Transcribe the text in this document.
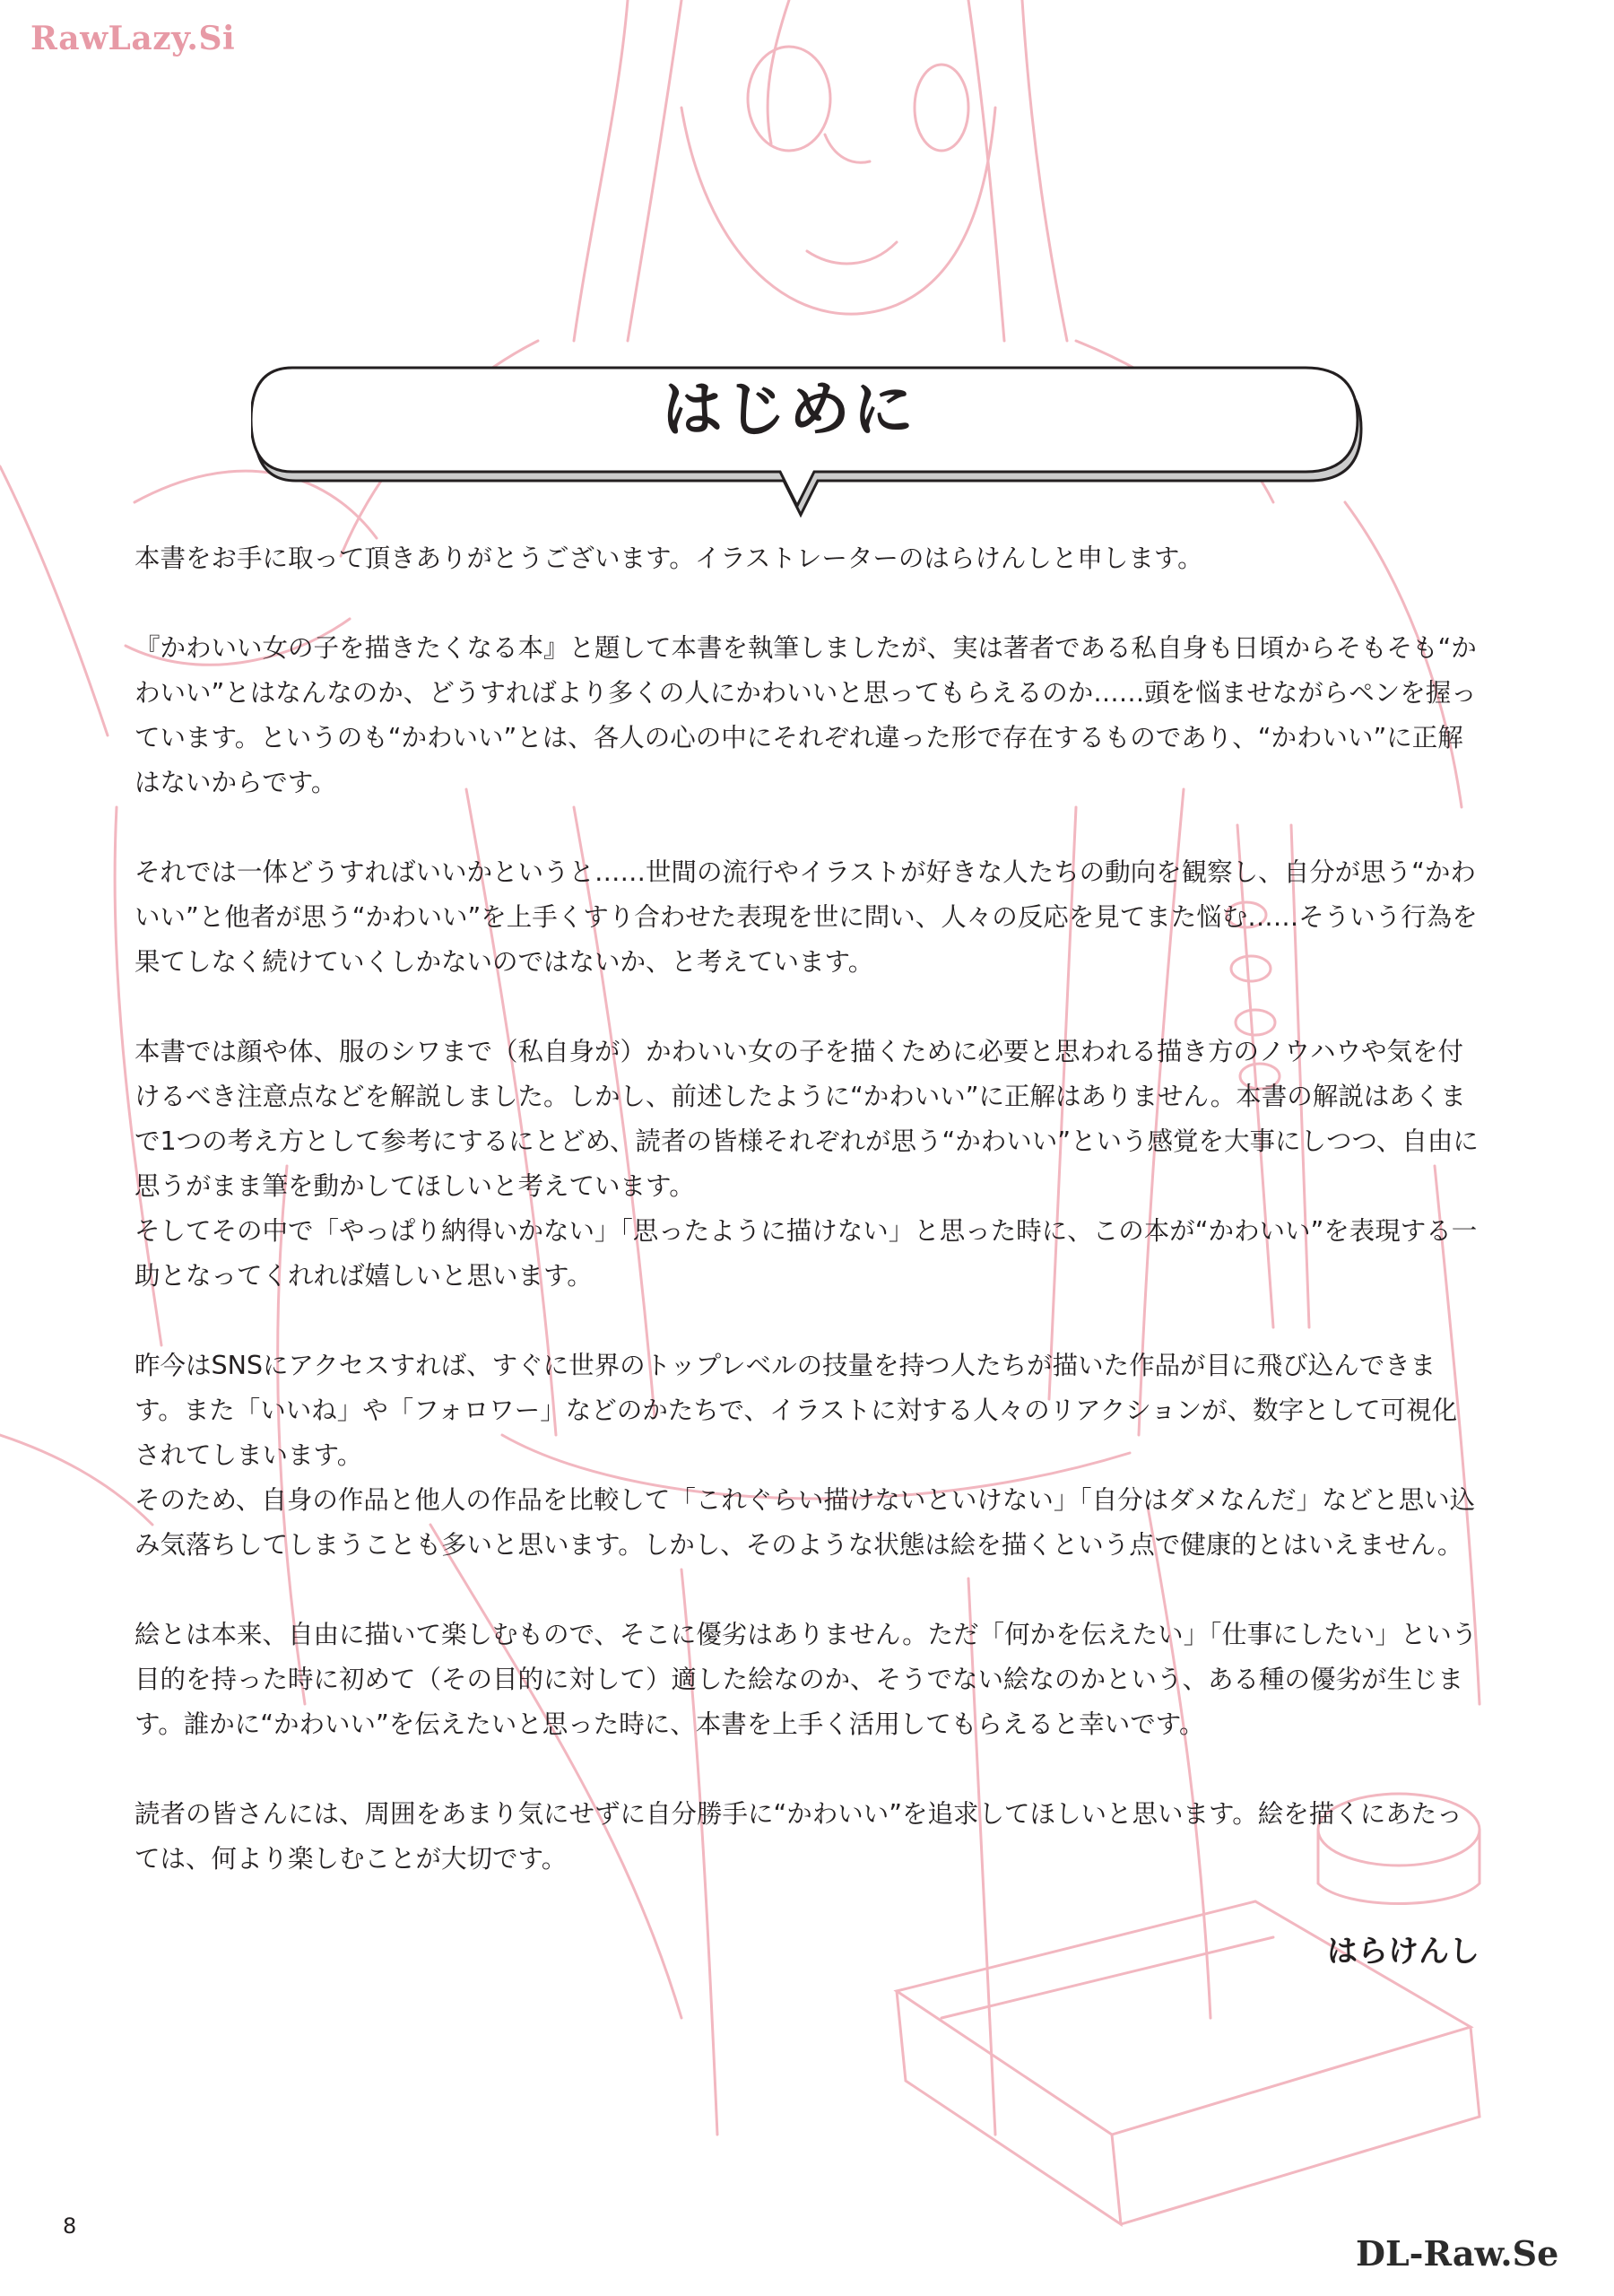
RawLazy.Si
はじめに

本書をお手に取って頂きありがとうございます。イラストレーターのはらけんしと申します。

『かわいい女の子を描きたくなる本』と題して本書を執筆しましたが、実は著者である私自身も日頃からそもそも“かわいい”とはなんなのか、どうすればより多くの人にかわいいと思ってもらえるのか……頭を悩ませながらペンを握っています。というのも“かわいい”とは、各人の心の中にそれぞれ違った形で存在するものであり、“かわいい”に正解はないからです。

それでは一体どうすればいいかというと……世間の流行やイラストが好きな人たちの動向を観察し、自分が思う“かわいい”と他者が思う“かわいい”を上手くすり合わせた表現を世に問い、人々の反応を見てまた悩む……そういう行為を果てしなく続けていくしかないのではないか、と考えています。

本書では顔や体、服のシワまで（私自身が）かわいい女の子を描くために必要と思われる描き方のノウハウや気を付けるべき注意点などを解説しました。しかし、前述したように“かわいい”に正解はありません。本書の解説はあくまで1つの考え方として参考にするにとどめ、読者の皆様それぞれが思う“かわいい”という感覚を大事にしつつ、自由に思うがまま筆を動かしてほしいと考えています。

そしてその中で「やっぱり納得いかない」「思ったように描けない」と思った時に、この本が“かわいい”を表現する一助となってくれれば嬉しいと思います。

昨今はSNSにアクセスすれば、すぐに世界のトップレベルの技量を持つ人たちが描いた作品が目に飛び込んできます。また「いいね」や「フォロワー」などのかたちで、イラストに対する人々のリアクションが、数字として可視化されてしまいます。

そのため、自身の作品と他人の作品を比較して「これぐらい描けないといけない」「自分はダメなんだ」などと思い込み気落ちしてしまうことも多いと思います。しかし、そのような状態は絵を描くという点で健康的とはいえません。

絵とは本来、自由に描いて楽しむもので、そこに優劣はありません。ただ「何かを伝えたい」「仕事にしたい」という目的を持った時に初めて（その目的に対して）適した絵なのか、そうでない絵なのかという、ある種の優劣が生じます。誰かに“かわいい”を伝えたいと思った時に、本書を上手く活用してもらえると幸いです。

読者の皆さんには、周囲をあまり気にせずに自分勝手に“かわいい”を追求してほしいと思います。絵を描くにあたっては、何より楽しむことが大切です。

はらけんし
8
DL-Raw.Se
